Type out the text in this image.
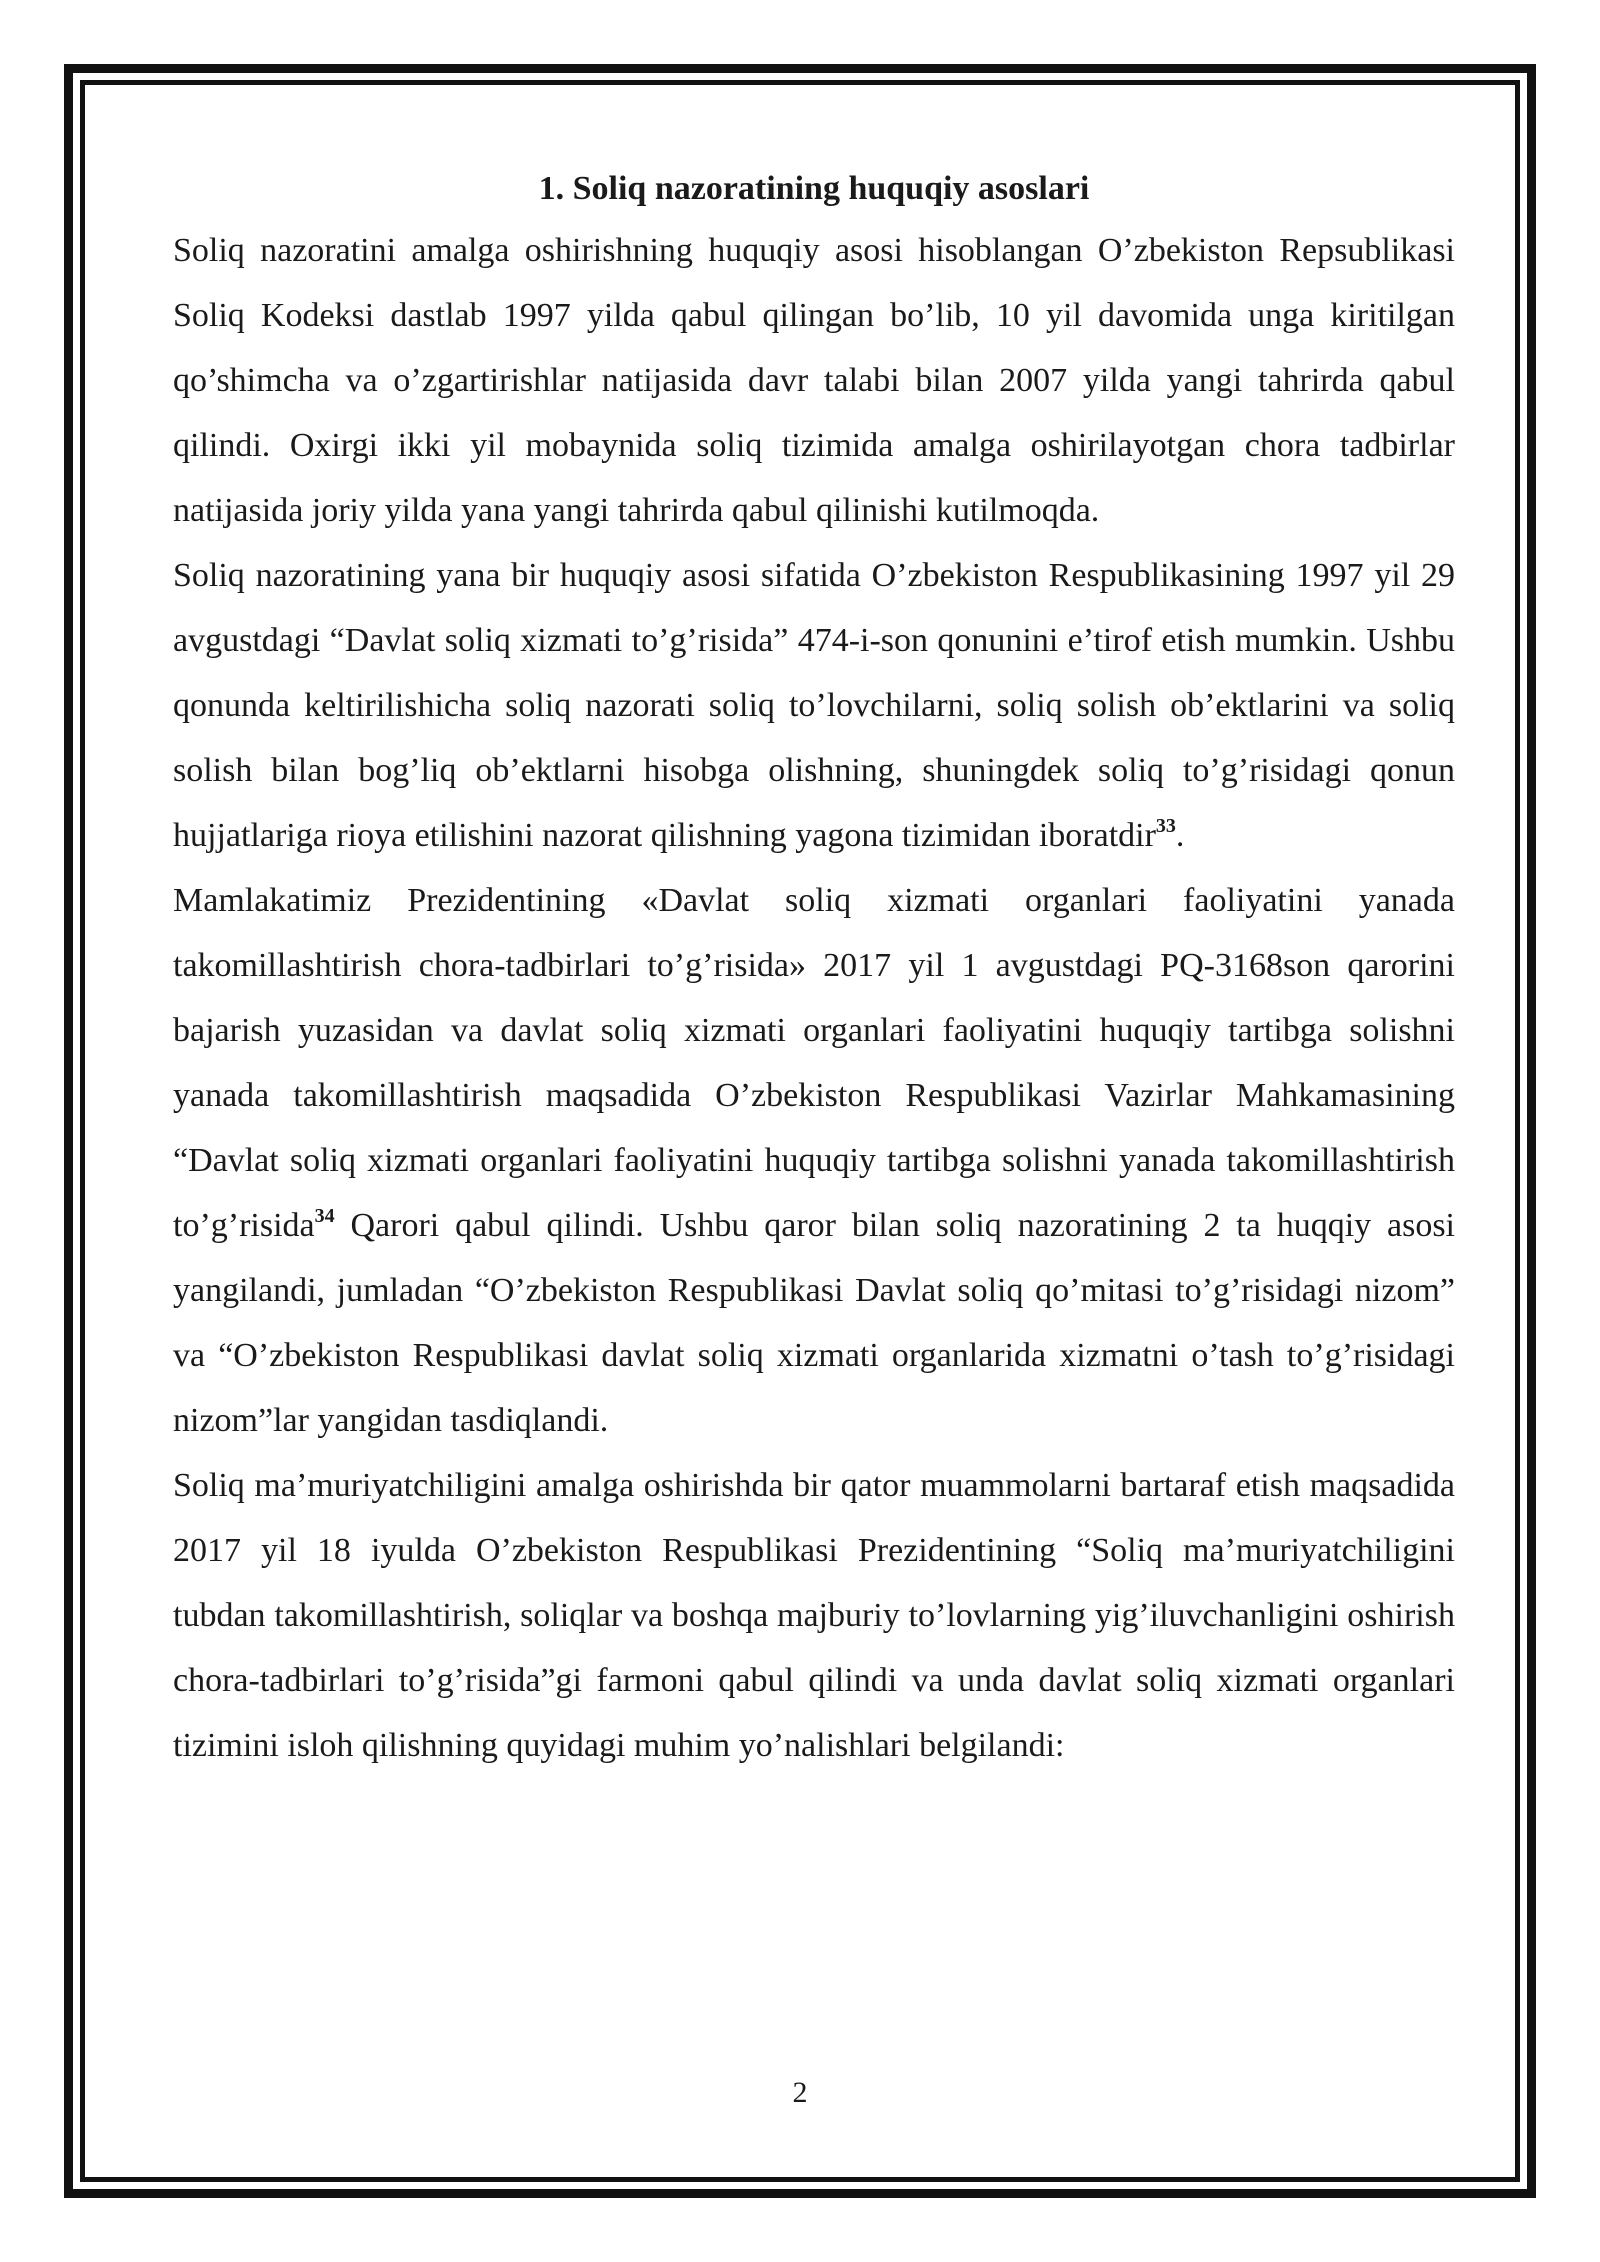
1. Soliq nazoratining huquqiy asoslari

Soliq nazoratini amalga oshirishning huquqiy asosi hisoblangan O’zbekiston Repsublikasi Soliq Kodeksi dastlab 1997 yilda qabul qilingan bo’lib, 10 yil davomida unga kiritilgan qo’shimcha va o’zgartirishlar natijasida davr talabi bilan 2007 yilda yangi tahrirda qabul qilindi. Oxirgi ikki yil mobaynida soliq tizimida amalga oshirilayotgan chora tadbirlar natijasida joriy yilda yana yangi tahrirda qabul qilinishi kutilmoqda.

Soliq nazoratining yana bir huquqiy asosi sifatida O’zbekiston Respublikasining 1997 yil 29 avgustdagi “Davlat soliq xizmati to’g’risida” 474-i-son qonunini e’tirof etish mumkin. Ushbu qonunda keltirilishicha soliq nazorati soliq to’lovchilarni, soliq solish ob’ektlarini va soliq solish bilan bog’liq ob’ektlarni hisobga olishning, shuningdek soliq to’g’risidagi qonun hujjatlariga rioya etilishini nazorat qilishning yagona tizimidan iboratdir$^{33}$.

Mamlakatimiz Prezidentining «Davlat soliq xizmati organlari faoliyatini yanada takomillashtirish chora-tadbirlari to’g’risida» 2017 yil 1 avgustdagi PQ-3168son qarorini bajarish yuzasidan va davlat soliq xizmati organlari faoliyatini huquqiy tartibga solishni yanada takomillashtirish maqsadida O’zbekiston Respublikasi Vazirlar Mahkamasining “Davlat soliq xizmati organlari faoliyatini huquqiy tartibga solishni yanada takomillashtirish to’g’risida$^{34}$ Qarori qabul qilindi. Ushbu qaror bilan soliq nazoratining 2 ta huqqiy asosi yangilandi, jumladan “O’zbekiston Respublikasi Davlat soliq qo’mitasi to’g’risidagi nizom” va “O’zbekiston Respublikasi davlat soliq xizmati organlarida xizmatni o’tash to’g’risidagi nizom”lar yangidan tasdiqlandi.

Soliq ma’muriyatchiligini amalga oshirishda bir qator muammolarni bartaraf etish maqsadida 2017 yil 18 iyulda O’zbekiston Respublikasi Prezidentining “Soliq ma’muriyatchiligini tubdan takomillashtirish, soliqlar va boshqa majburiy to’lovlarning yig’iluvchanligini oshirish chora-tadbirlari to’g’risida”gi farmoni qabul qilindi va unda davlat soliq xizmati organlari tizimini isloh qilishning quyidagi muhim yo’nalishlari belgilandi:

2
